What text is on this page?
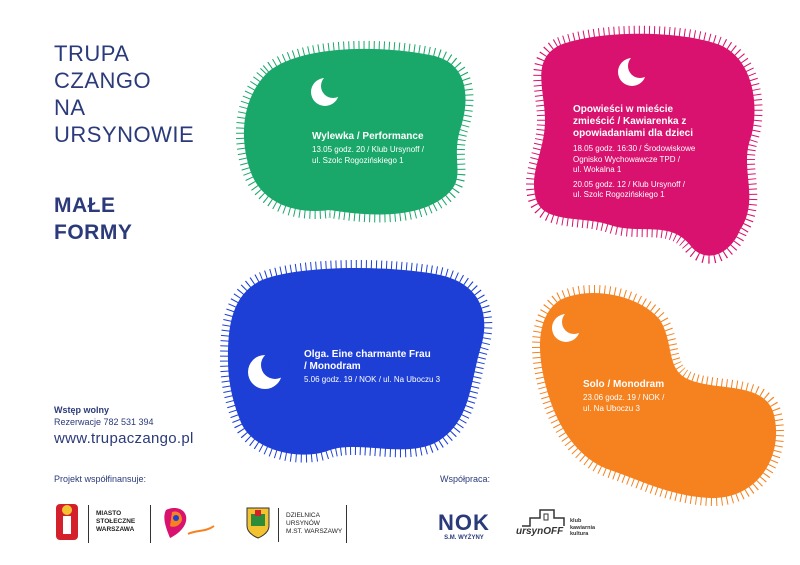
TRUPA
CZANGO
NA
URSYNOWIE
MAŁE
FORMY
Wstęp wolny
Rezerwacje 782 531 394
www.trupaczango.pl
Wylewka / Performance
13.05 godz. 20 / Klub Ursynoff /
ul. Szolc Rogozińskiego 1
Opowieści w mieście
zmieścić / Kawiarenka z
opowiadaniami dla dzieci
18.05 godz. 16:30 / Środowiskowe
Ognisko Wychowawcze TPD /
ul. Wokalna 1
20.05 godz. 12 / Klub Ursynoff /
ul. Szolc Rogozińskiego 1
Olga. Eine charmante Frau
/ Monodram
5.06 godz. 19 / NOK / ul. Na Uboczu 3	Solo / Monodram
23.06 godz. 19 / NOK /
ul. Na Uboczu 3
Projekt współfinansuje:	Współpraca:
MIASTO
STOŁECZNE
WARSZAWA
DZIELNICA
URSYNÓW
M.ST. WARSZAWY	NOK
S.M. WYŻYNY
ursynOFF
klub
kawiarnia
kultura
